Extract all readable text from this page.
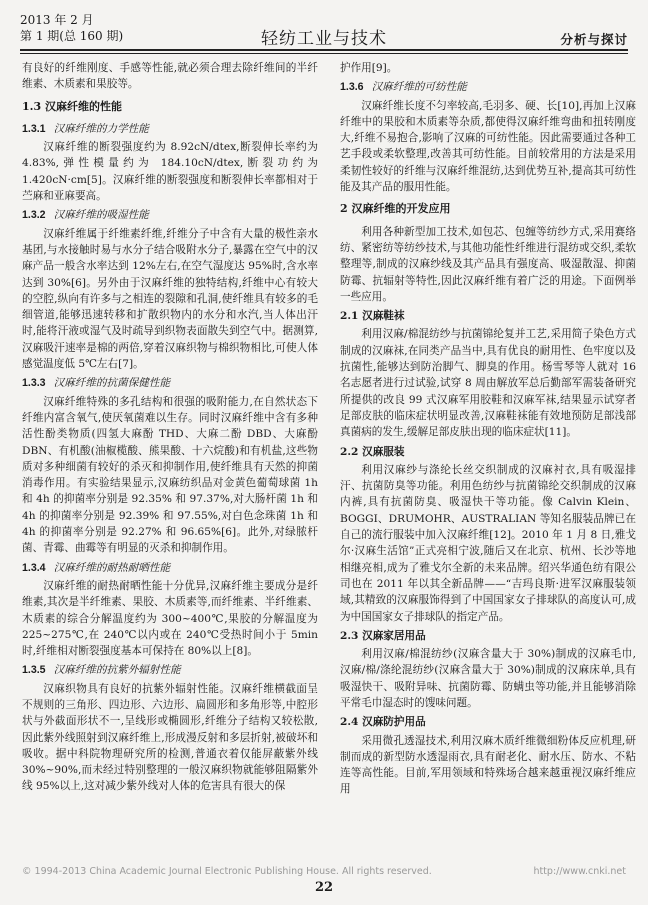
2013 年 2 月
第 1 期(总 160 期)	轻纺工业与技术	分析与探讨

有良好的纤维刚度、手感等性能,就必须合理去除纤维间的半纤维素、木质素和果胶等。

1.3 汉麻纤维的性能
1.3.1 汉麻纤维的力学性能

汉麻纤维的断裂强度约为 8.92cN/dtex,断裂伸长率约为 4.83%,弹性模量约为 184.10cN/dtex,断裂功约为 1.420cN·cm[5]。汉麻纤维的断裂强度和断裂伸长率都相对于苎麻和亚麻要高。

1.3.2 汉麻纤维的吸湿性能

汉麻纤维属于纤维素纤维,纤维分子中含有大量的极性亲水基团,与水接触时易与水分子结合吸附水分子,暴露在空气中的汉麻产品一般含水率达到 12%左右,在空气湿度达 95%时,含水率达到 30%[6]。另外由于汉麻纤维的独特结构,纤维中心有较大的空腔,纵向有许多与之相连的裂隙和孔洞,使纤维具有较多的毛细管道,能够迅速转移和扩散织物内的水分和水汽,当人体出汗时,能将汗液或湿气及时疏导到织物表面散失到空气中。据测算,汉麻吸汗速率是棉的两倍,穿着汉麻织物与棉织物相比,可使人体感觉温度低 5℃左右[7]。

1.3.3 汉麻纤维的抗菌保健性能

汉麻纤维特殊的多孔结构和很强的吸附能力,在自然状态下纤维内富含氧气,使厌氧菌难以生存。同时汉麻纤维中含有多种活性酚类物质(四氢大麻酚 THD、大麻二酚 DBD、大麻酚 DBN、有机酸(油椒榄酸、熊果酸、十六烷酸)和有机盐,这些物质对多种细菌有较好的杀灭和抑制作用,使纤维具有天然的抑菌消毒作用。有实验结果显示,汉麻纺织品对金黄色葡萄球菌 1h 和 4h 的抑菌率分别是 92.35% 和 97.37%,对大肠杆菌 1h 和 4h 的抑菌率分别是 92.39% 和 97.55%,对白色念珠菌 1h 和 4h 的抑菌率分别是 92.27% 和 96.65%[6]。此外,对绿脓杆菌、青霉、曲霉等有明显的灭杀和抑制作用。

1.3.4 汉麻纤维的耐热耐晒性能

汉麻纤维的耐热耐晒性能十分优异,汉麻纤维主要成分是纤维素,其次是半纤维素、果胶、木质素等,而纤维素、半纤维素、木质素的综合分解温度约为 300~400℃,果胶的分解温度为 225~275℃,在 240℃以内或在 240℃受热时间小于 5min 时,纤维相对断裂强度基本可保持在 80%以上[8]。

1.3.5 汉麻纤维的抗紫外辐射性能

汉麻织物具有良好的抗紫外辐射性能。汉麻纤维横截面呈不规则的三角形、四边形、六边形、扁圆形和多角形等,中腔形状与外截面形状不一,呈线形或椭圆形,纤维分子结构又较松散,因此紫外线照射到汉麻纤维上,形成漫反射和多层折射,被破坏和吸收。据中科院物理研究所的检测,普通衣着仅能屏蔽紫外线 30%~90%,而未经过特别整理的一般汉麻织物就能够阻隔紫外线 95%以上,这对减少紫外线对人体的危害具有很大的保

护作用[9]。

1.3.6 汉麻纤维的可纺性能

汉麻纤维长度不匀率较高,毛羽多、硬、长[10],再加上汉麻纤维中的果胶和木质素等杂质,都使得汉麻纤维弯曲和扭转刚度大,纤维不易抱合,影响了汉麻的可纺性能。因此需要通过各种工艺手段或柔软整理,改善其可纺性能。目前较常用的方法是采用柔韧性较好的纤维与汉麻纤维混纺,达到优势互补,提高其可纺性能及其产品的服用性能。

2 汉麻纤维的开发应用

利用各种新型加工技术,如包芯、包缠等纺纱方式,采用赛络纺、紧密纺等纺纱技术,与其他功能性纤维进行混纺或交织,柔软整理等,制成的汉麻纱线及其产品具有强度高、吸湿散湿、抑菌防霉、抗辐射等特性,因此汉麻纤维有着广泛的用途。下面例举一些应用。

2.1 汉麻鞋袜

利用汉麻/棉混纺纱与抗菌锦纶复并工艺,采用简子染色方式制成的汉麻袜,在同类产品当中,具有优良的耐用性、色牢度以及抗菌性,能够达到防治脚气、脚臭的作用。杨雪琴等人就对 16 名志愿者进行过试验,试穿 8 周由解放军总后勤部军需装备研究所提供的改良 99 式汉麻军用胶鞋和汉麻军袜,结果显示试穿者足部皮肤的临床症状明显改善,汉麻鞋袜能有效地预防足部浅部真菌病的发生,缓解足部皮肤出现的临床症状[11]。

2.2 汉麻服装

利用汉麻纱与涤纶长丝交织制成的汉麻衬衣,具有吸湿排汗、抗菌防臭等功能。利用色纺纱与抗菌锦纶交织制成的汉麻内裤,具有抗菌防臭、吸湿快干等功能。像 Calvin Klein、BOGGI、DRUMOHR、AUSTRALIAN 等知名服装品牌已在自己的流行服装中加入汉麻纤维[12]。2010 年 1 月 8 日,雅戈尔·汉麻生活馆”正式亮相宁波,随后又在北京、杭州、长沙等地相继亮相,成为了雅戈尔全新的未来品牌。绍兴华通色纺有限公司也在 2011 年以其全新品牌——“吉玛良斯·进军汉麻服装领域,其精致的汉麻服饰得到了中国国家女子排球队的高度认可,成为中国国家女子排球队的指定产品。

2.3 汉麻家居用品

利用汉麻/棉混纺纱(汉麻含量大于 30%)制成的汉麻毛巾,汉麻/棉/涤纶混纺纱(汉麻含量大于 30%)制成的汉麻床单,具有吸湿快干、吸附异味、抗菌防霉、防螨虫等功能,并且能够消除平常毛巾湿态时的馊味问题。

2.4 汉麻防护用品

采用微孔透湿技术,利用汉麻木质纤维微细粉体反应机理,研制而成的新型防水透湿雨衣,具有耐老化、耐水压、防水、不粘连等高性能。目前,军用领域和特殊场合越来越重视汉麻纤维应用

© 1994-2013 China Academic Journal Electronic Publishing House. All rights reserved.	http://www.cnki.net
22
